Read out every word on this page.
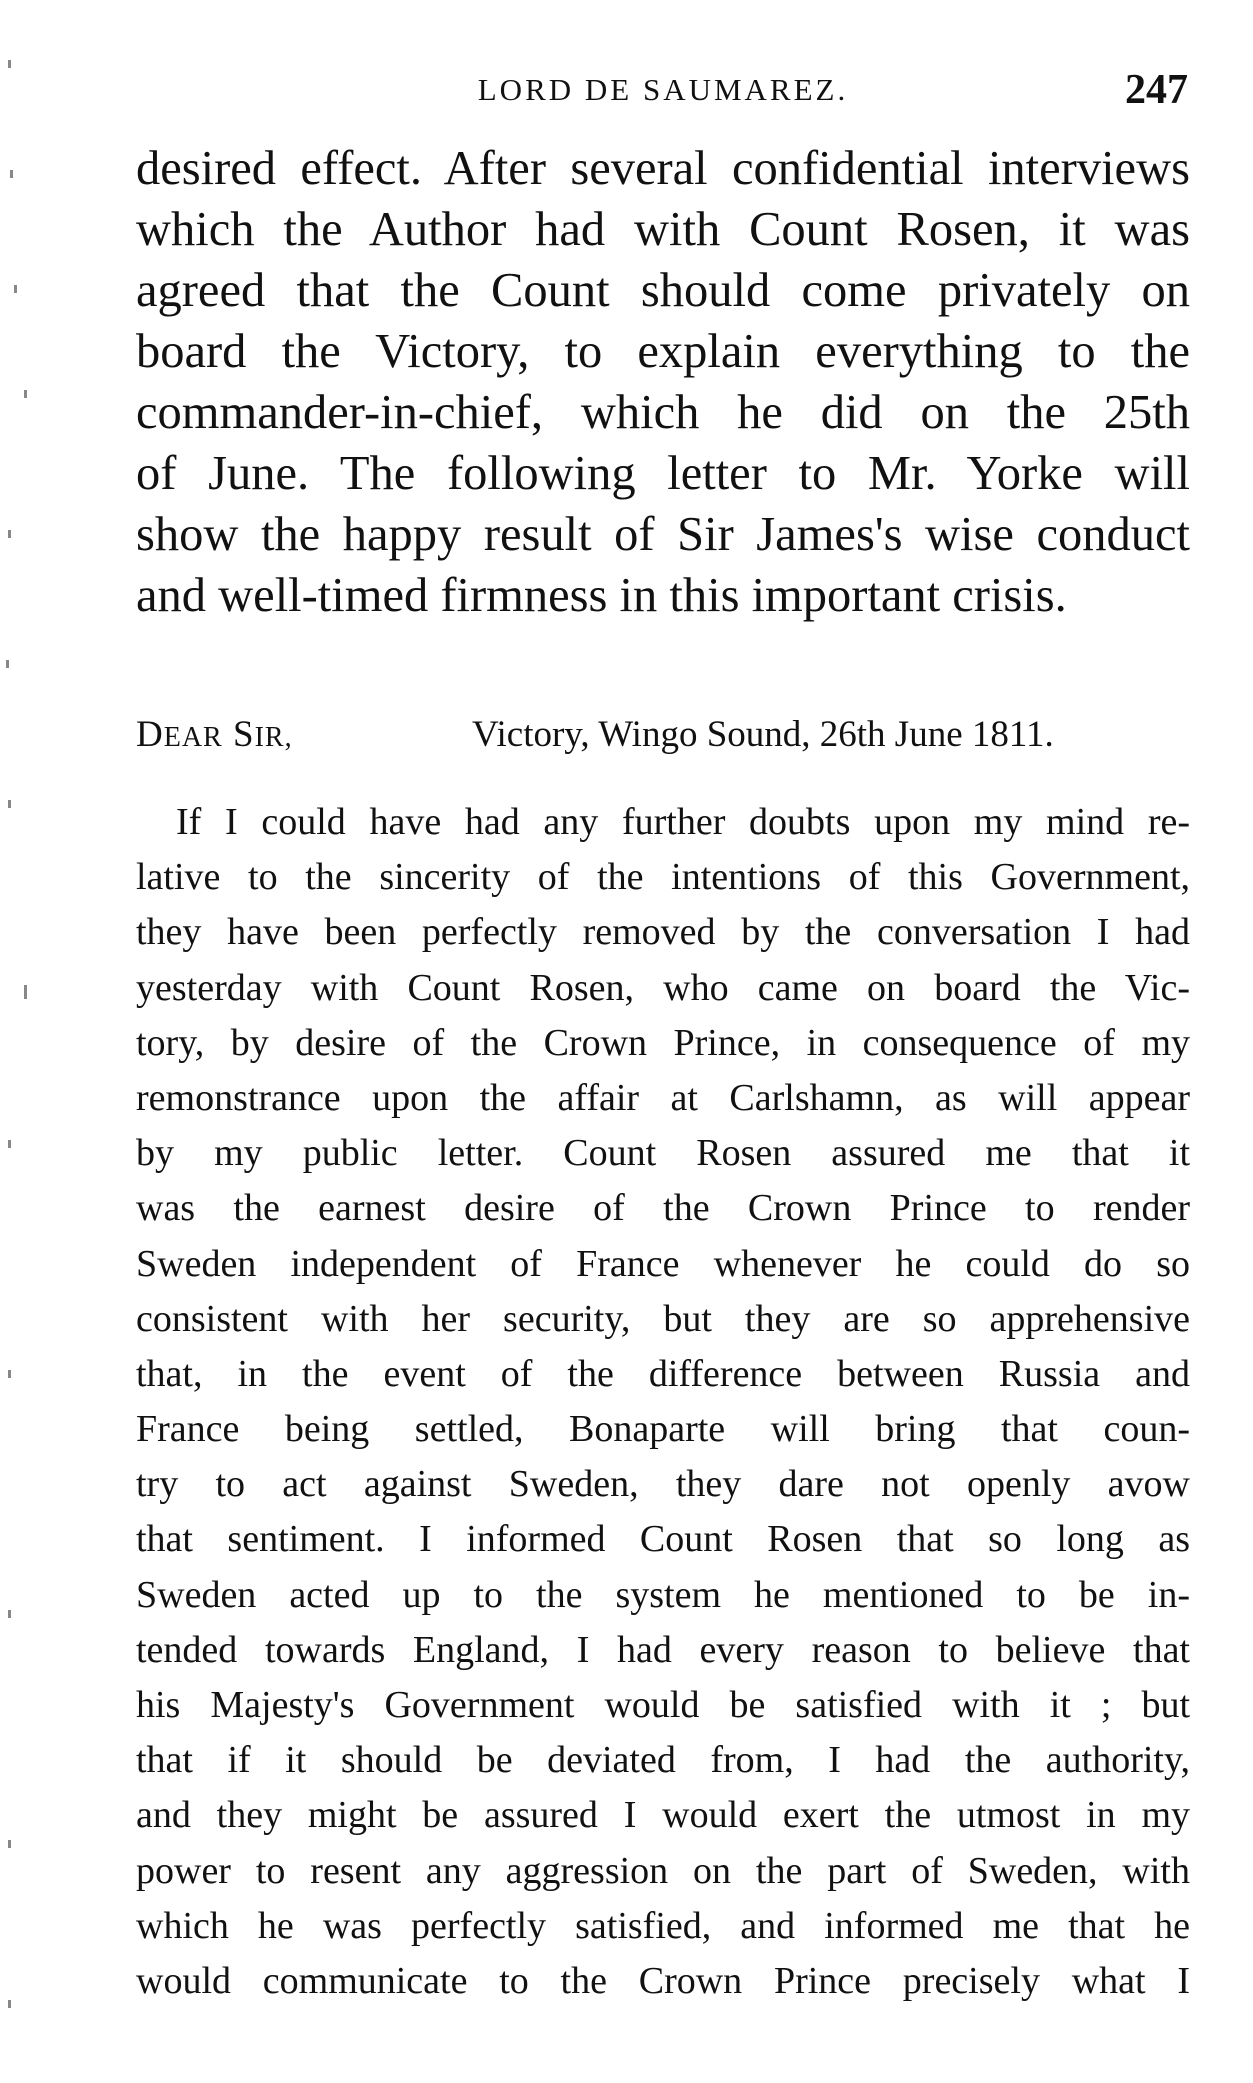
LORD DE SAUMAREZ.	247
desired effect. After several confidential interviews
which the Author had with Count Rosen, it was
agreed that the Count should come privately on
board the Victory, to explain everything to the
commander-in-chief, which he did on the 25th
of June. The following letter to Mr. Yorke will
show the happy result of Sir James's wise conduct
and well-timed firmness in this important crisis.
DEAR SIR,	Victory, Wingo Sound, 26th June 1811.
If I could have had any further doubts upon my mind re-
lative to the sincerity of the intentions of this Government,
they have been perfectly removed by the conversation I had
yesterday with Count Rosen, who came on board the Vic-
tory, by desire of the Crown Prince, in consequence of my
remonstrance upon the affair at Carlshamn, as will appear
by my public letter. Count Rosen assured me that it
was the earnest desire of the Crown Prince to render
Sweden independent of France whenever he could do so
consistent with her security, but they are so apprehensive
that, in the event of the difference between Russia and
France being settled, Bonaparte will bring that coun-
try to act against Sweden, they dare not openly avow
that sentiment. I informed Count Rosen that so long as
Sweden acted up to the system he mentioned to be in-
tended towards England, I had every reason to believe that
his Majesty's Government would be satisfied with it ; but
that if it should be deviated from, I had the authority,
and they might be assured I would exert the utmost in my
power to resent any aggression on the part of Sweden, with
which he was perfectly satisfied, and informed me that he
would communicate to the Crown Prince precisely what I
